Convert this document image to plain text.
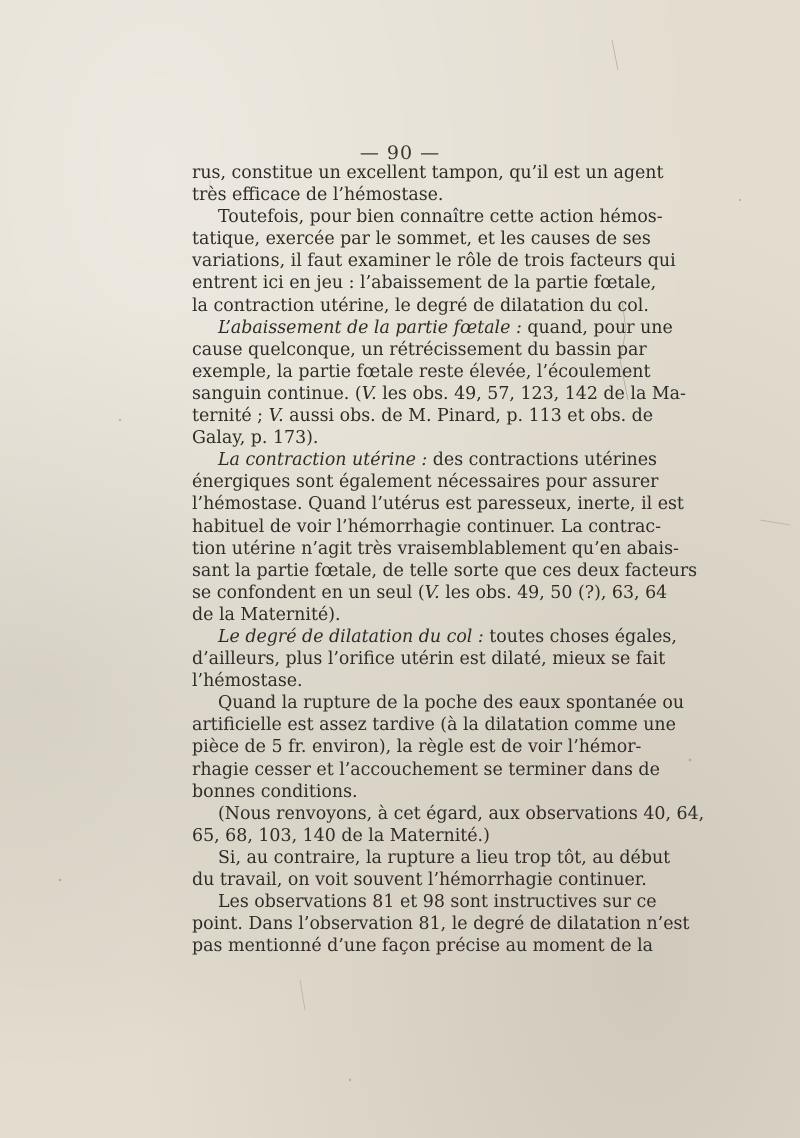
— 90 —
rus, constitue un excellent tampon, qu’il est un agent
très efficace de l’hémostase.
Toutefois, pour bien connaître cette action hémos-
tatique, exercée par le sommet, et les causes de ses
variations, il faut examiner le rôle de trois facteurs qui
entrent ici en jeu : l’abaissement de la partie fœtale,
la contraction utérine, le degré de dilatation du col.
L’abaissement de la partie fœtale : quand, pour une
cause quelconque, un rétrécissement du bassin par
exemple, la partie fœtale reste élevée, l’écoulement
sanguin continue. (V. les obs. 49, 57, 123, 142 de la Ma-
ternité ; V. aussi obs. de M. Pinard, p. 113 et obs. de
Galay, p. 173).
La contraction utérine : des contractions utérines
énergiques sont également nécessaires pour assurer
l’hémostase. Quand l’utérus est paresseux, inerte, il est
habituel de voir l’hémorrhagie continuer. La contrac-
tion utérine n’agit très vraisemblablement qu’en abais-
sant la partie fœtale, de telle sorte que ces deux facteurs
se confondent en un seul (V. les obs. 49, 50 (?), 63, 64
de la Maternité).
Le degré de dilatation du col : toutes choses égales,
d’ailleurs, plus l’orifice utérin est dilaté, mieux se fait
l’hémostase.
Quand la rupture de la poche des eaux spontanée ou
artificielle est assez tardive (à la dilatation comme une
pièce de 5 fr. environ), la règle est de voir l’hémor-
rhagie cesser et l’accouchement se terminer dans de
bonnes conditions.
(Nous renvoyons, à cet égard, aux observations 40, 64,
65, 68, 103, 140 de la Maternité.)
Si, au contraire, la rupture a lieu trop tôt, au début
du travail, on voit souvent l’hémorrhagie continuer.
Les observations 81 et 98 sont instructives sur ce
point. Dans l’observation 81, le degré de dilatation n’est
pas mentionné d’une façon précise au moment de la
